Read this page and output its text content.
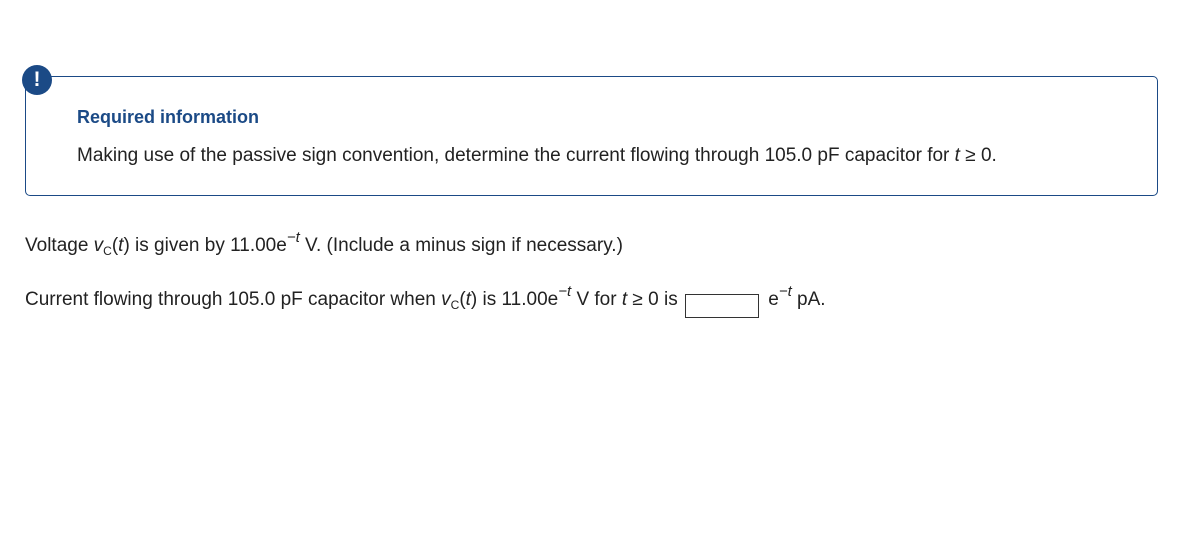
!
Required information
Making use of the passive sign convention, determine the current flowing through 105.0 pF capacitor for t ≥ 0.
Voltage $v_C(t)$ is given by $11.00e^{-t}$ V. (Include a minus sign if necessary.)
Current flowing through 105.0 pF capacitor when $v_C(t)$ is $11.00e^{-t}$ V for t ≥ 0 is	$e^{-t}$ pA.
